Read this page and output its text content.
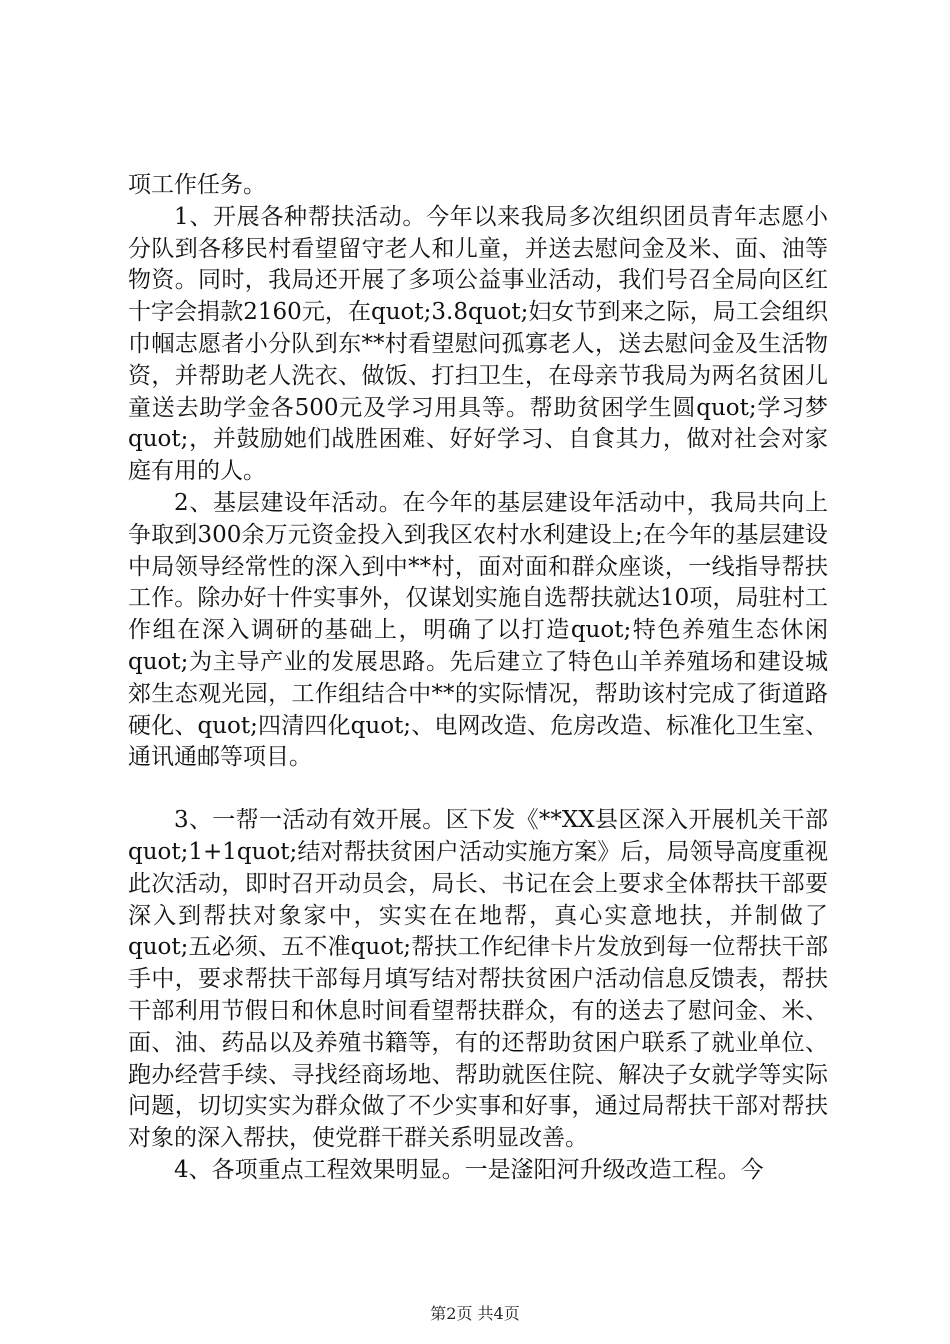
项工作任务。

1、开展各种帮扶活动。今年以来我局多次组织团员青年志愿小分队到各移民村看望留守老人和儿童，并送去慰问金及米、面、油等物资。同时，我局还开展了多项公益事业活动，我们号召全局向区红十字会捐款2160元，在quot;3.8quot;妇女节到来之际，局工会组织巾帼志愿者小分队到东**村看望慰问孤寡老人，送去慰问金及生活物资，并帮助老人洗衣、做饭、打扫卫生，在母亲节我局为两名贫困儿童送去助学金各500元及学习用具等。帮助贫困学生圆quot;学习梦quot;，并鼓励她们战胜困难、好好学习、自食其力，做对社会对家庭有用的人。

2、基层建设年活动。在今年的基层建设年活动中，我局共向上争取到300余万元资金投入到我区农村水利建设上;在今年的基层建设中局领导经常性的深入到中**村，面对面和群众座谈，一线指导帮扶工作。除办好十件实事外，仅谋划实施自选帮扶就达10项，局驻村工作组在深入调研的基础上，明确了以打造quot;特色养殖生态休闲quot;为主导产业的发展思路。先后建立了特色山羊养殖场和建设城郊生态观光园，工作组结合中**的实际情况，帮助该村完成了街道路硬化、quot;四清四化quot;、电网改造、危房改造、标准化卫生室、通讯通邮等项目。

3、一帮一活动有效开展。区下发《**XX县区深入开展机关干部quot;1+1quot;结对帮扶贫困户活动实施方案》后，局领导高度重视此次活动，即时召开动员会，局长、书记在会上要求全体帮扶干部要深入到帮扶对象家中，实实在在地帮，真心实意地扶，并制做了quot;五必须、五不准quot;帮扶工作纪律卡片发放到每一位帮扶干部手中，要求帮扶干部每月填写结对帮扶贫困户活动信息反馈表，帮扶干部利用节假日和休息时间看望帮扶群众，有的送去了慰问金、米、面、油、药品以及养殖书籍等，有的还帮助贫困户联系了就业单位、跑办经营手续、寻找经商场地、帮助就医住院、解决子女就学等实际问题，切切实实为群众做了不少实事和好事，通过局帮扶干部对帮扶对象的深入帮扶，使党群干群关系明显改善。

4、各项重点工程效果明显。一是滏阳河升级改造工程。今

第2页 共4页
